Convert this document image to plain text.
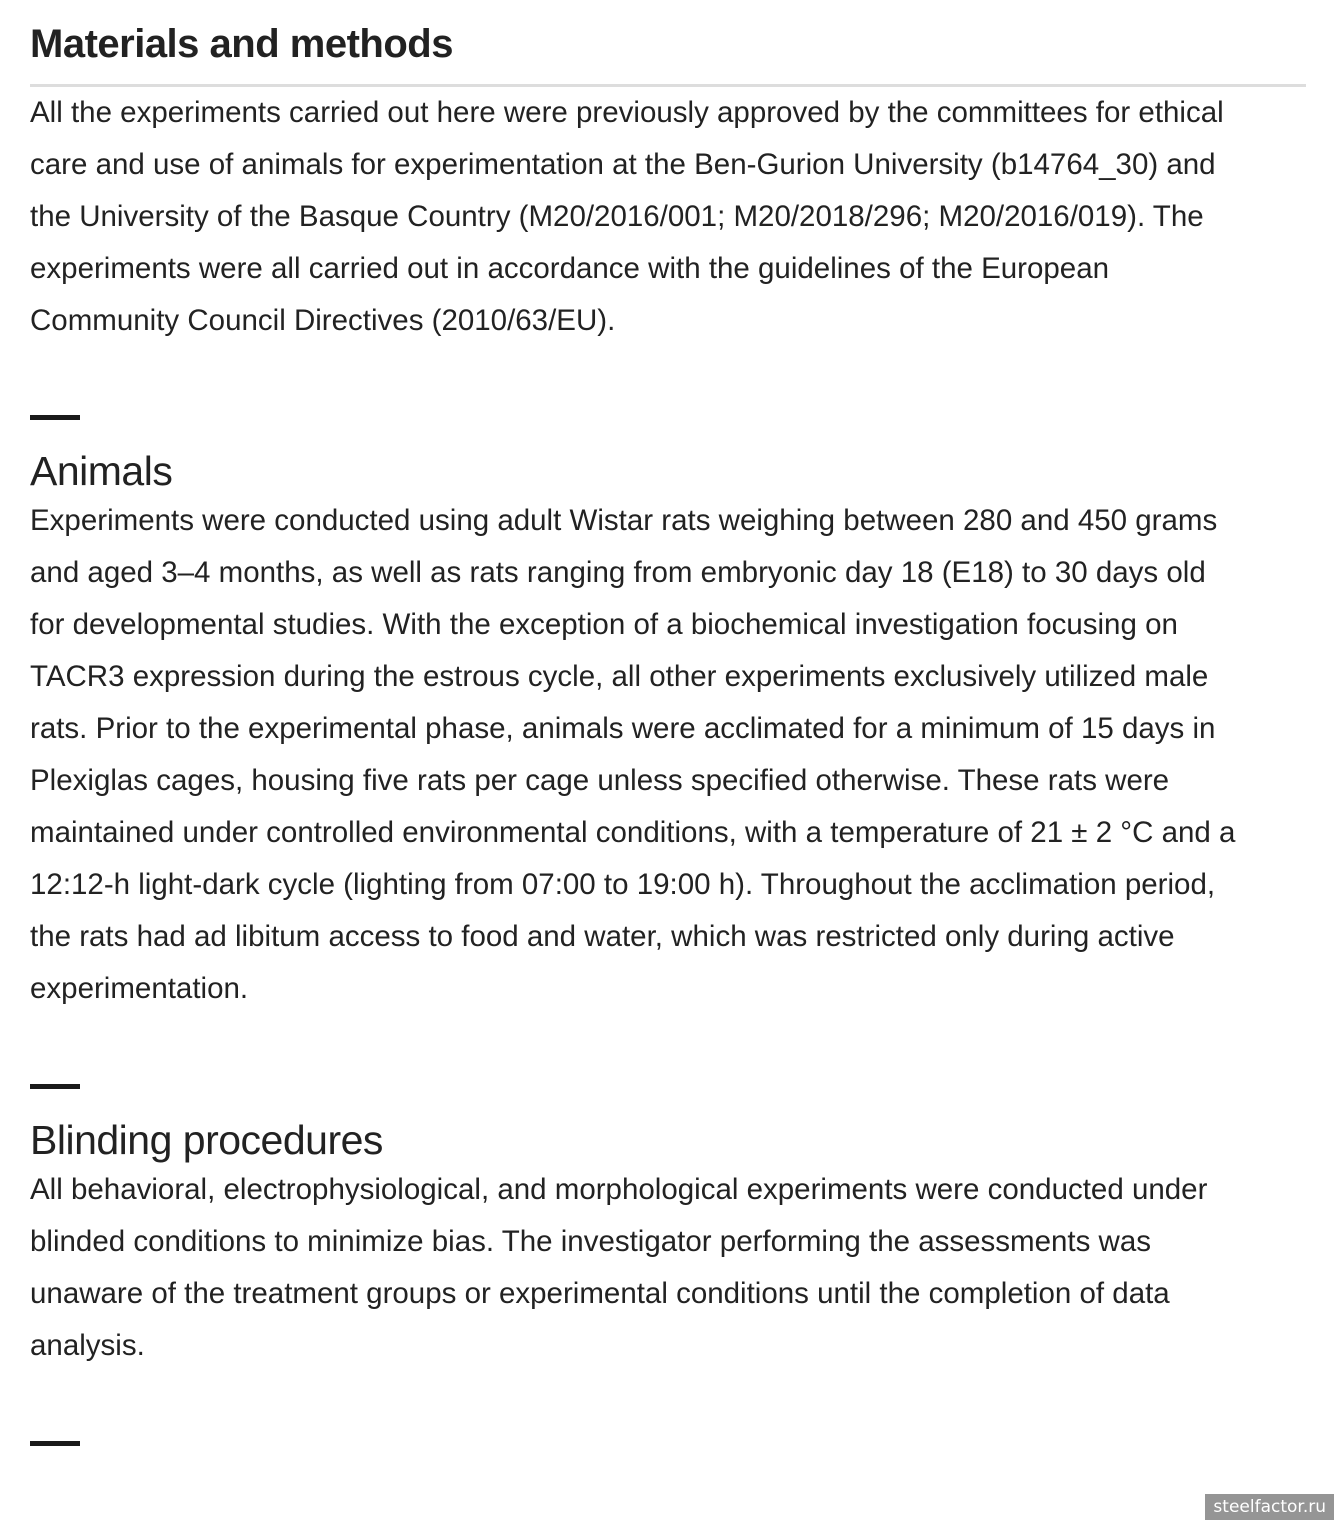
Materials and methods

All the experiments carried out here were previously approved by the committees for ethical
care and use of animals for experimentation at the Ben-Gurion University (b14764_30) and
the University of the Basque Country (M20/2016/001; M20/2018/296; M20/2016/019). The
experiments were all carried out in accordance with the guidelines of the European
Community Council Directives (2010/63/EU).

Animals

Experiments were conducted using adult Wistar rats weighing between 280 and 450 grams
and aged 3–4 months, as well as rats ranging from embryonic day 18 (E18) to 30 days old
for developmental studies. With the exception of a biochemical investigation focusing on
TACR3 expression during the estrous cycle, all other experiments exclusively utilized male
rats. Prior to the experimental phase, animals were acclimated for a minimum of 15 days in
Plexiglas cages, housing five rats per cage unless specified otherwise. These rats were
maintained under controlled environmental conditions, with a temperature of 21 ± 2 °C and a
12:12-h light-dark cycle (lighting from 07:00 to 19:00 h). Throughout the acclimation period,
the rats had ad libitum access to food and water, which was restricted only during active
experimentation.

Blinding procedures

All behavioral, electrophysiological, and morphological experiments were conducted under
blinded conditions to minimize bias. The investigator performing the assessments was
unaware of the treatment groups or experimental conditions until the completion of data
analysis.

steelfactor.ru
